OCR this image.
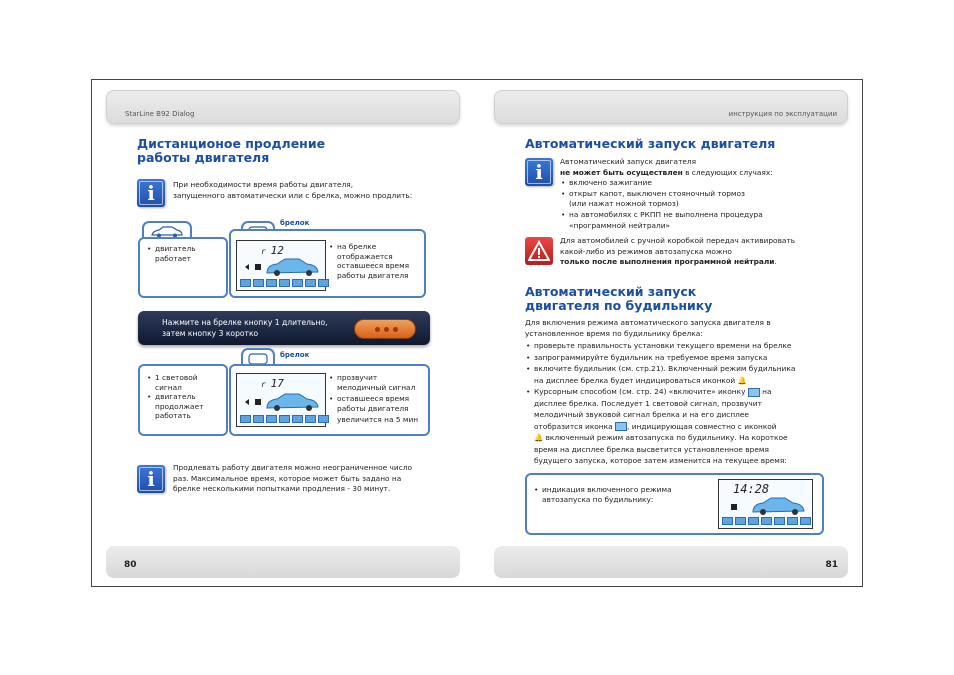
StarLine B92 Dialog
Дистанционое продление
работы двигателя
i	При необходимости время работы двигателя,
запущенного автоматически или с брелка, можно продлить:
брелок
• двигатель
работает
r 12	• на брелке
отображается
оставшееся время
работы двигателя
Нажмите на брелке кнопку 1 длительно,
затем кнопку 3 коротко
брелок
• 1 световой
сигнал
• двигатель
продолжает
работать
r 17	• прозвучит
мелодичный сигнал
• оставшееся время
работы двигателя
увеличится на 5 мин
i	Продлевать работу двигателя можно неограниченное число
раз. Максимальное время, которое может быть задано на
брелке несколькими попытками продления - 30 минут.
80
инструкция по эксплуатации
Автоматический запуск двигателя
i	Автоматический запуск двигателя
не может быть осуществлен в следующих случаях:
• включено зажигание
• открыт капот, выключен стояночный тормоз
(или нажат ножной тормоз)
• на автомобилях с РКПП не выполнена процедура
«программной нейтрали»
Для автомобилей с ручной коробкой передач активировать
какой-либо из режимов автозапуска можно
только после выполнения программной нейтрали.
Автоматический запуск
двигателя по будильнику
Для включения режима автоматического запуска двигателя в
установленное время по будильнику брелка:
• проверьте правильность установки текущего времени на брелке
• запрограммируйте будильник на требуемое время запуска
• включите будильник (см. стр.21). Включенный режим будильника
на дисплее брелка будет индицироваться иконкой 🔔
• Курсорным способом (см. стр. 24) «включите» иконку на
дисплее брелка. Последует 1 световой сигнал, прозвучит
мелодичный звуковой сигнал брелка и на его дисплее
отобразится иконка , индицирующая совместно с иконкой
🔔 включенный режим автозапуска по будильнику. На короткое
время на дисплее брелка высветится установленное время
будущего запуска, которое затем изменится на текущее время:
• индикация включенного режима
автозапуска по будильнику:
14:28
81
